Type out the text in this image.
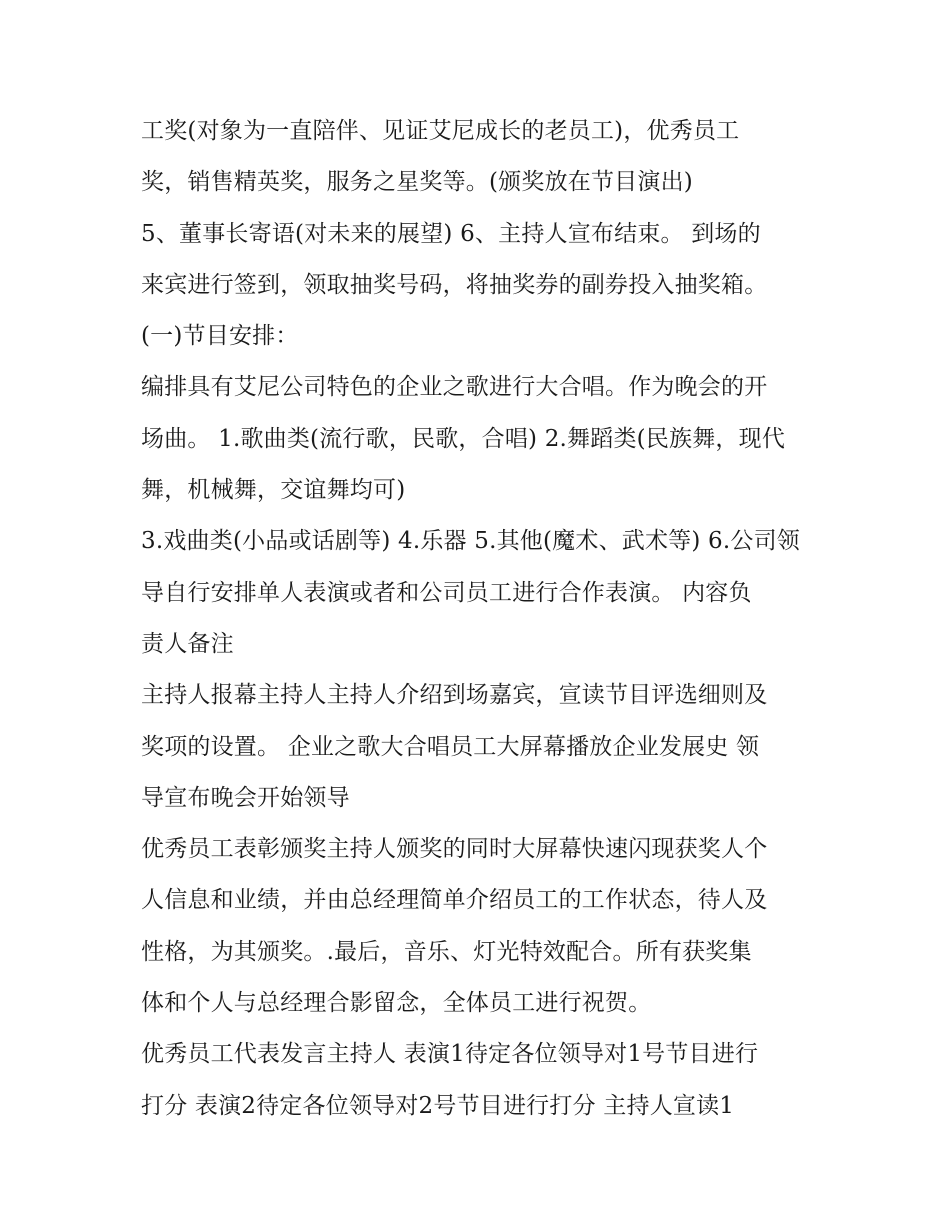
工奖(对象为一直陪伴、见证艾尼成长的老员工)，优秀员工
奖，销售精英奖，服务之星奖等。(颁奖放在节目演出)
5、董事长寄语(对未来的展望) 6、主持人宣布结束。 到场的
来宾进行签到，领取抽奖号码，将抽奖券的副券投入抽奖箱。
(一)节目安排：
编排具有艾尼公司特色的企业之歌进行大合唱。作为晚会的开
场曲。 1.歌曲类(流行歌，民歌，合唱) 2.舞蹈类(民族舞，现代
舞，机械舞，交谊舞均可)
3.戏曲类(小品或话剧等) 4.乐器 5.其他(魔术、武术等) 6.公司领
导自行安排单人表演或者和公司员工进行合作表演。 内容负
责人备注
主持人报幕主持人主持人介绍到场嘉宾，宣读节目评选细则及
奖项的设置。 企业之歌大合唱员工大屏幕播放企业发展史 领
导宣布晚会开始领导
优秀员工表彰颁奖主持人颁奖的同时大屏幕快速闪现获奖人个
人信息和业绩，并由总经理简单介绍员工的工作状态，待人及
性格，为其颁奖。.最后，音乐、灯光特效配合。所有获奖集
体和个人与总经理合影留念，全体员工进行祝贺。
优秀员工代表发言主持人 表演1待定各位领导对1号节目进行
打分 表演2待定各位领导对2号节目进行打分 主持人宣读1
